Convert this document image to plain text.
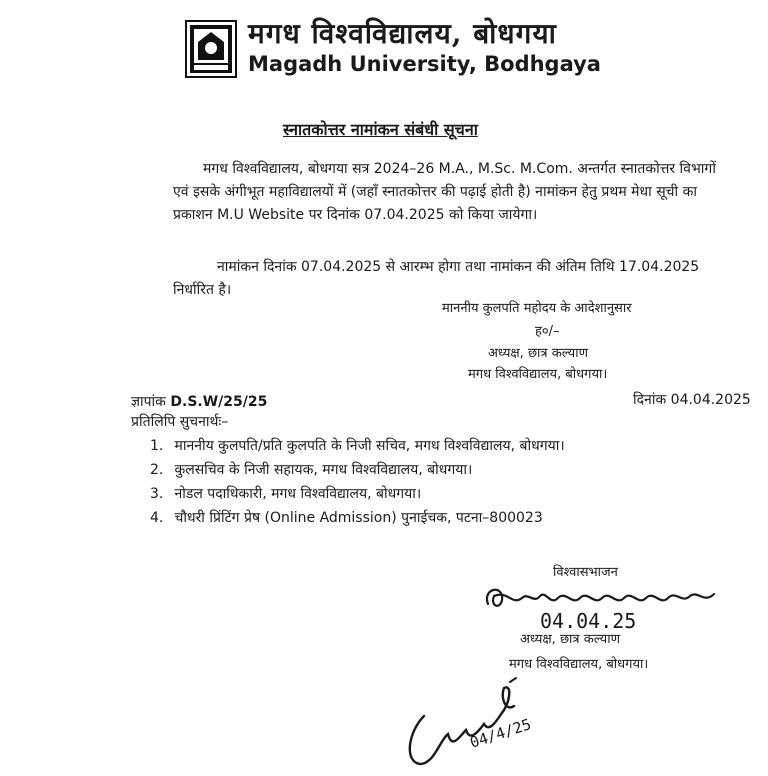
मगध विश्वविद्यालय, बोधगया
Magadh University, Bodhgaya
स्नातकोत्तर नामांकन संबंधी सूचना
मगध विश्वविद्यालय, बोधगया सत्र 2024–26 M.A., M.Sc. M.Com. अन्तर्गत स्नातकोत्तर विभागों एवं इसके अंगीभूत महाविद्यालयों में (जहाँ स्नातकोत्तर की पढ़ाई होती है) नामांकन हेतु प्रथम मेधा सूची का प्रकाशन M.U Website पर दिनांक 07.04.2025 को किया जायेगा।
नामांकन दिनांक 07.04.2025 से आरम्भ होगा तथा नामांकन की अंतिम तिथि 17.04.2025 निर्धारित है।
माननीय कुलपति महोदय के आदेशानुसार
ह०/–
अध्यक्ष, छात्र कल्याण
मगध विश्वविद्यालय, बोधगया।
ज्ञापांक D.S.W/25/25	दिनांक 04.04.2025
प्रतिलिपि सुचनार्थः–
1. माननीय कुलपति/प्रति कुलपति के निजी सचिव, मगध विश्वविद्यालय, बोधगया।
2. कुलसचिव के निजी सहायक, मगध विश्वविद्यालय, बोधगया।
3. नोडल पदाधिकारी, मगध विश्वविद्यालय, बोधगया।
4. चौधरी प्रिंटिंग प्रेष (Online Admission) पुनाईचक, पटना–800023
विश्वासभाजन
04.04.25
अध्यक्ष, छात्र कल्याण
मगध विश्वविद्यालय, बोधगया।
04/4/25
